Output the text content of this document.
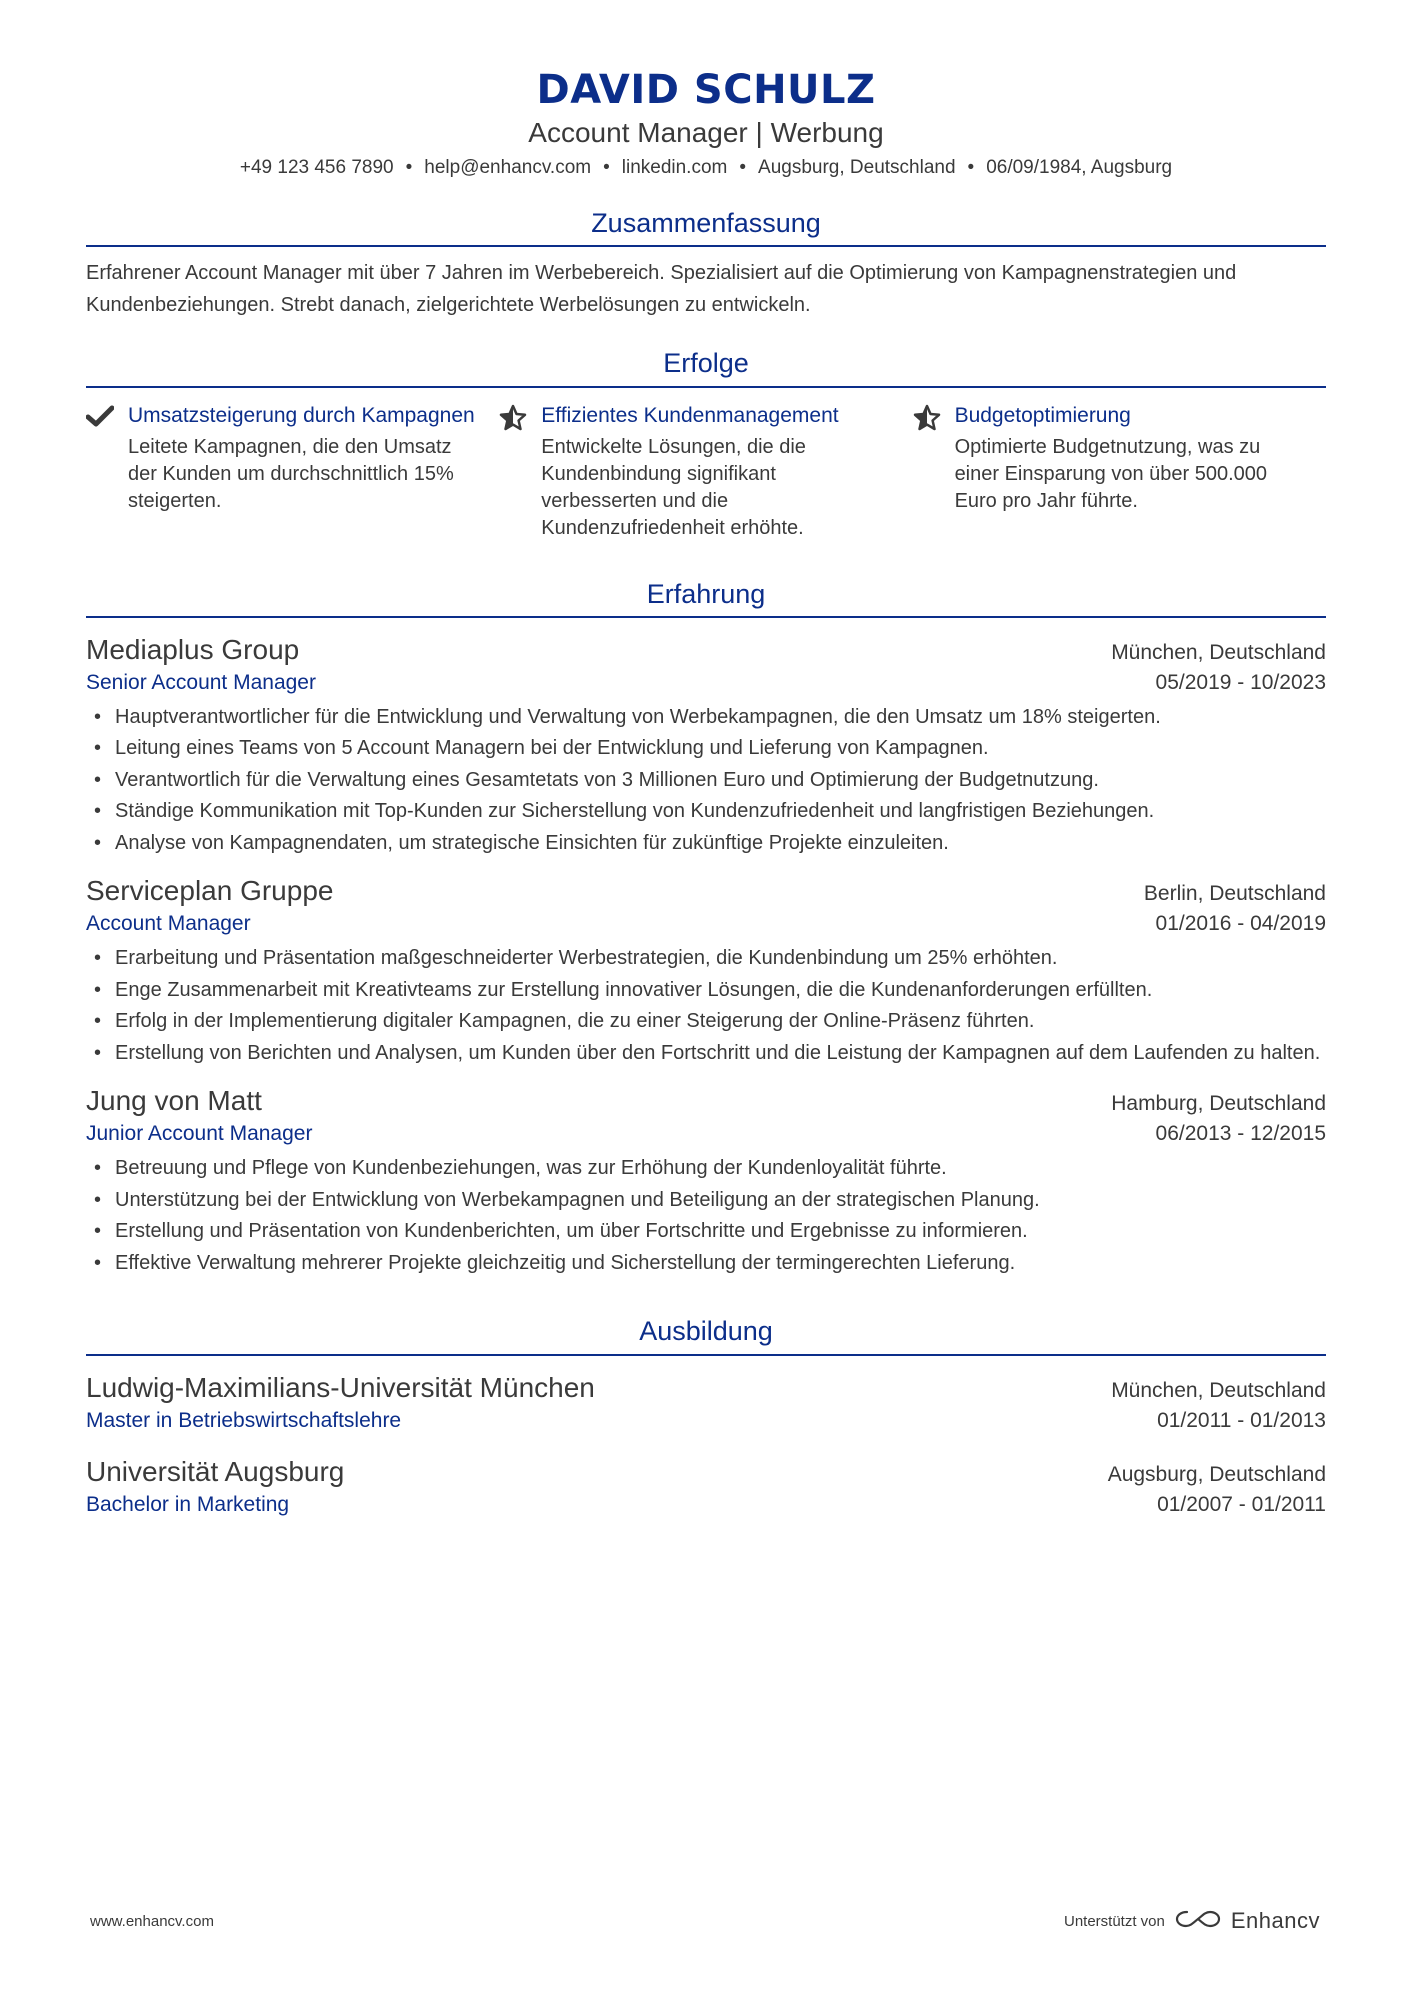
DAVID SCHULZ
Account Manager | Werbung
+49 123 456 7890 • help@enhancv.com • linkedin.com • Augsburg, Deutschland • 06/09/1984, Augsburg
Zusammenfassung
Erfahrener Account Manager mit über 7 Jahren im Werbebereich. Spezialisiert auf die Optimierung von Kampagnenstrategien und Kundenbeziehungen. Strebt danach, zielgerichtete Werbelösungen zu entwickeln.
Erfolge
Umsatzsteigerung durch Kampagnen
Leitete Kampagnen, die den Umsatz der Kunden um durchschnittlich 15% steigerten.
Effizientes Kundenmanagement
Entwickelte Lösungen, die die Kundenbindung signifikant verbesserten und die Kundenzufriedenheit erhöhte.
Budgetoptimierung
Optimierte Budgetnutzung, was zu einer Einsparung von über 500.000 Euro pro Jahr führte.
Erfahrung
Mediaplus Group	München, Deutschland
Senior Account Manager	05/2019 - 10/2023
• Hauptverantwortlicher für die Entwicklung und Verwaltung von Werbekampagnen, die den Umsatz um 18% steigerten.
• Leitung eines Teams von 5 Account Managern bei der Entwicklung und Lieferung von Kampagnen.
• Verantwortlich für die Verwaltung eines Gesamtetats von 3 Millionen Euro und Optimierung der Budgetnutzung.
• Ständige Kommunikation mit Top-Kunden zur Sicherstellung von Kundenzufriedenheit und langfristigen Beziehungen.
• Analyse von Kampagnendaten, um strategische Einsichten für zukünftige Projekte einzuleiten.
Serviceplan Gruppe	Berlin, Deutschland
Account Manager	01/2016 - 04/2019
• Erarbeitung und Präsentation maßgeschneiderter Werbestrategien, die Kundenbindung um 25% erhöhten.
• Enge Zusammenarbeit mit Kreativteams zur Erstellung innovativer Lösungen, die die Kundenanforderungen erfüllten.
• Erfolg in der Implementierung digitaler Kampagnen, die zu einer Steigerung der Online-Präsenz führten.
• Erstellung von Berichten und Analysen, um Kunden über den Fortschritt und die Leistung der Kampagnen auf dem Laufenden zu halten.
Jung von Matt	Hamburg, Deutschland
Junior Account Manager	06/2013 - 12/2015
• Betreuung und Pflege von Kundenbeziehungen, was zur Erhöhung der Kundenloyalität führte.
• Unterstützung bei der Entwicklung von Werbekampagnen und Beteiligung an der strategischen Planung.
• Erstellung und Präsentation von Kundenberichten, um über Fortschritte und Ergebnisse zu informieren.
• Effektive Verwaltung mehrerer Projekte gleichzeitig und Sicherstellung der termingerechten Lieferung.
Ausbildung
Ludwig-Maximilians-Universität München	München, Deutschland
Master in Betriebswirtschaftslehre	01/2011 - 01/2013
Universität Augsburg	Augsburg, Deutschland
Bachelor in Marketing	01/2007 - 01/2011
www.enhancv.com	Unterstützt von	Enhancv
